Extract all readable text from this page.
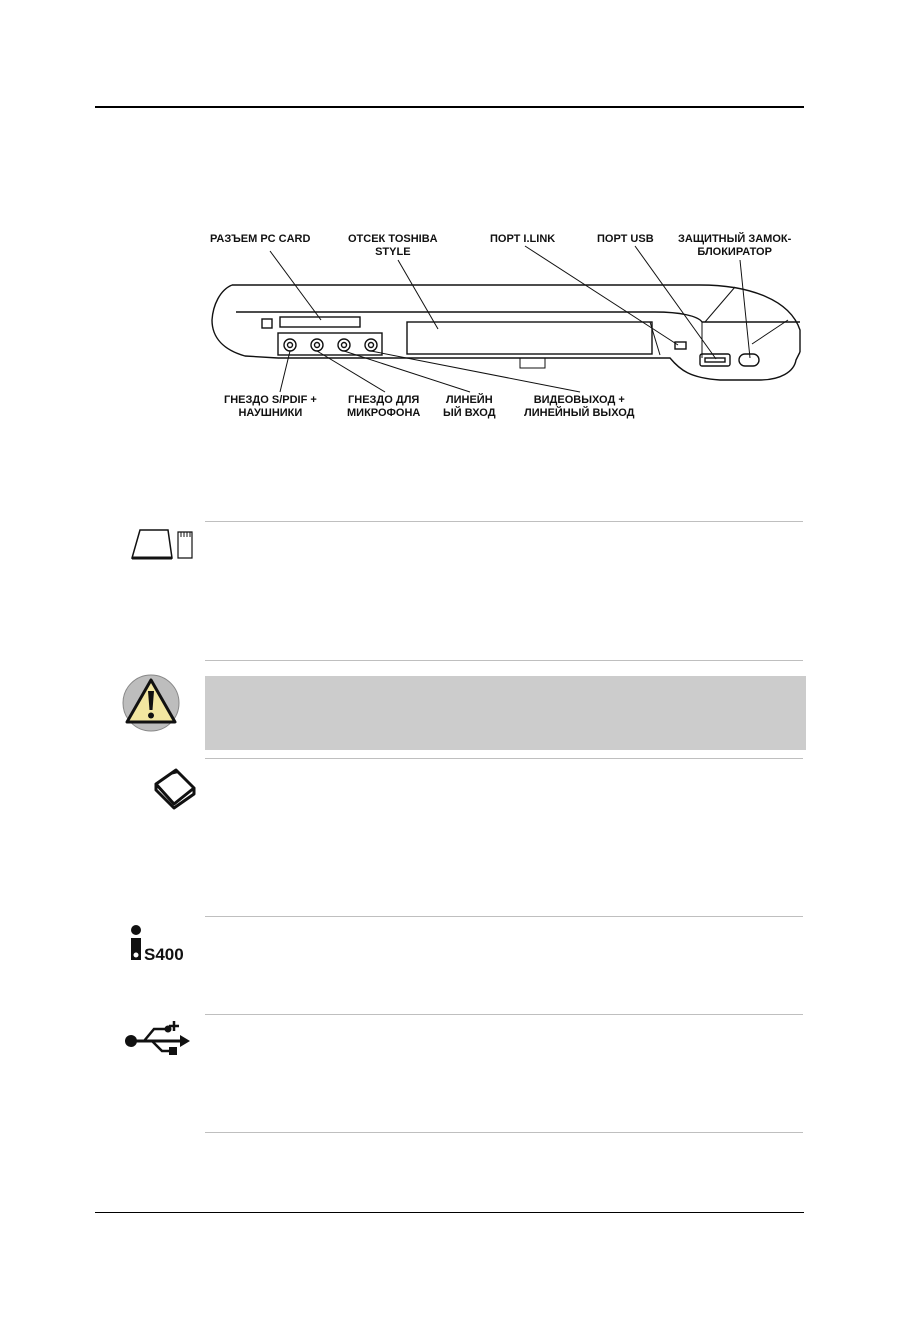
РАЗЪЕМ PC CARD	ОТСЕК TOSHIBA
STYLE
ПОРТ I.LINK	ПОРТ USB ЗАЩИТНЫЙ ЗАМОК-
БЛОКИРАТОР
ГНЕЗДО S/PDIF +
НАУШНИКИ
ГНЕЗДО ДЛЯ
МИКРОФОНА
ЛИНЕЙН
ЫЙ ВХОД
ВИДЕОВЫХОД +
ЛИНЕЙНЫЙ ВЫХОД
S400
